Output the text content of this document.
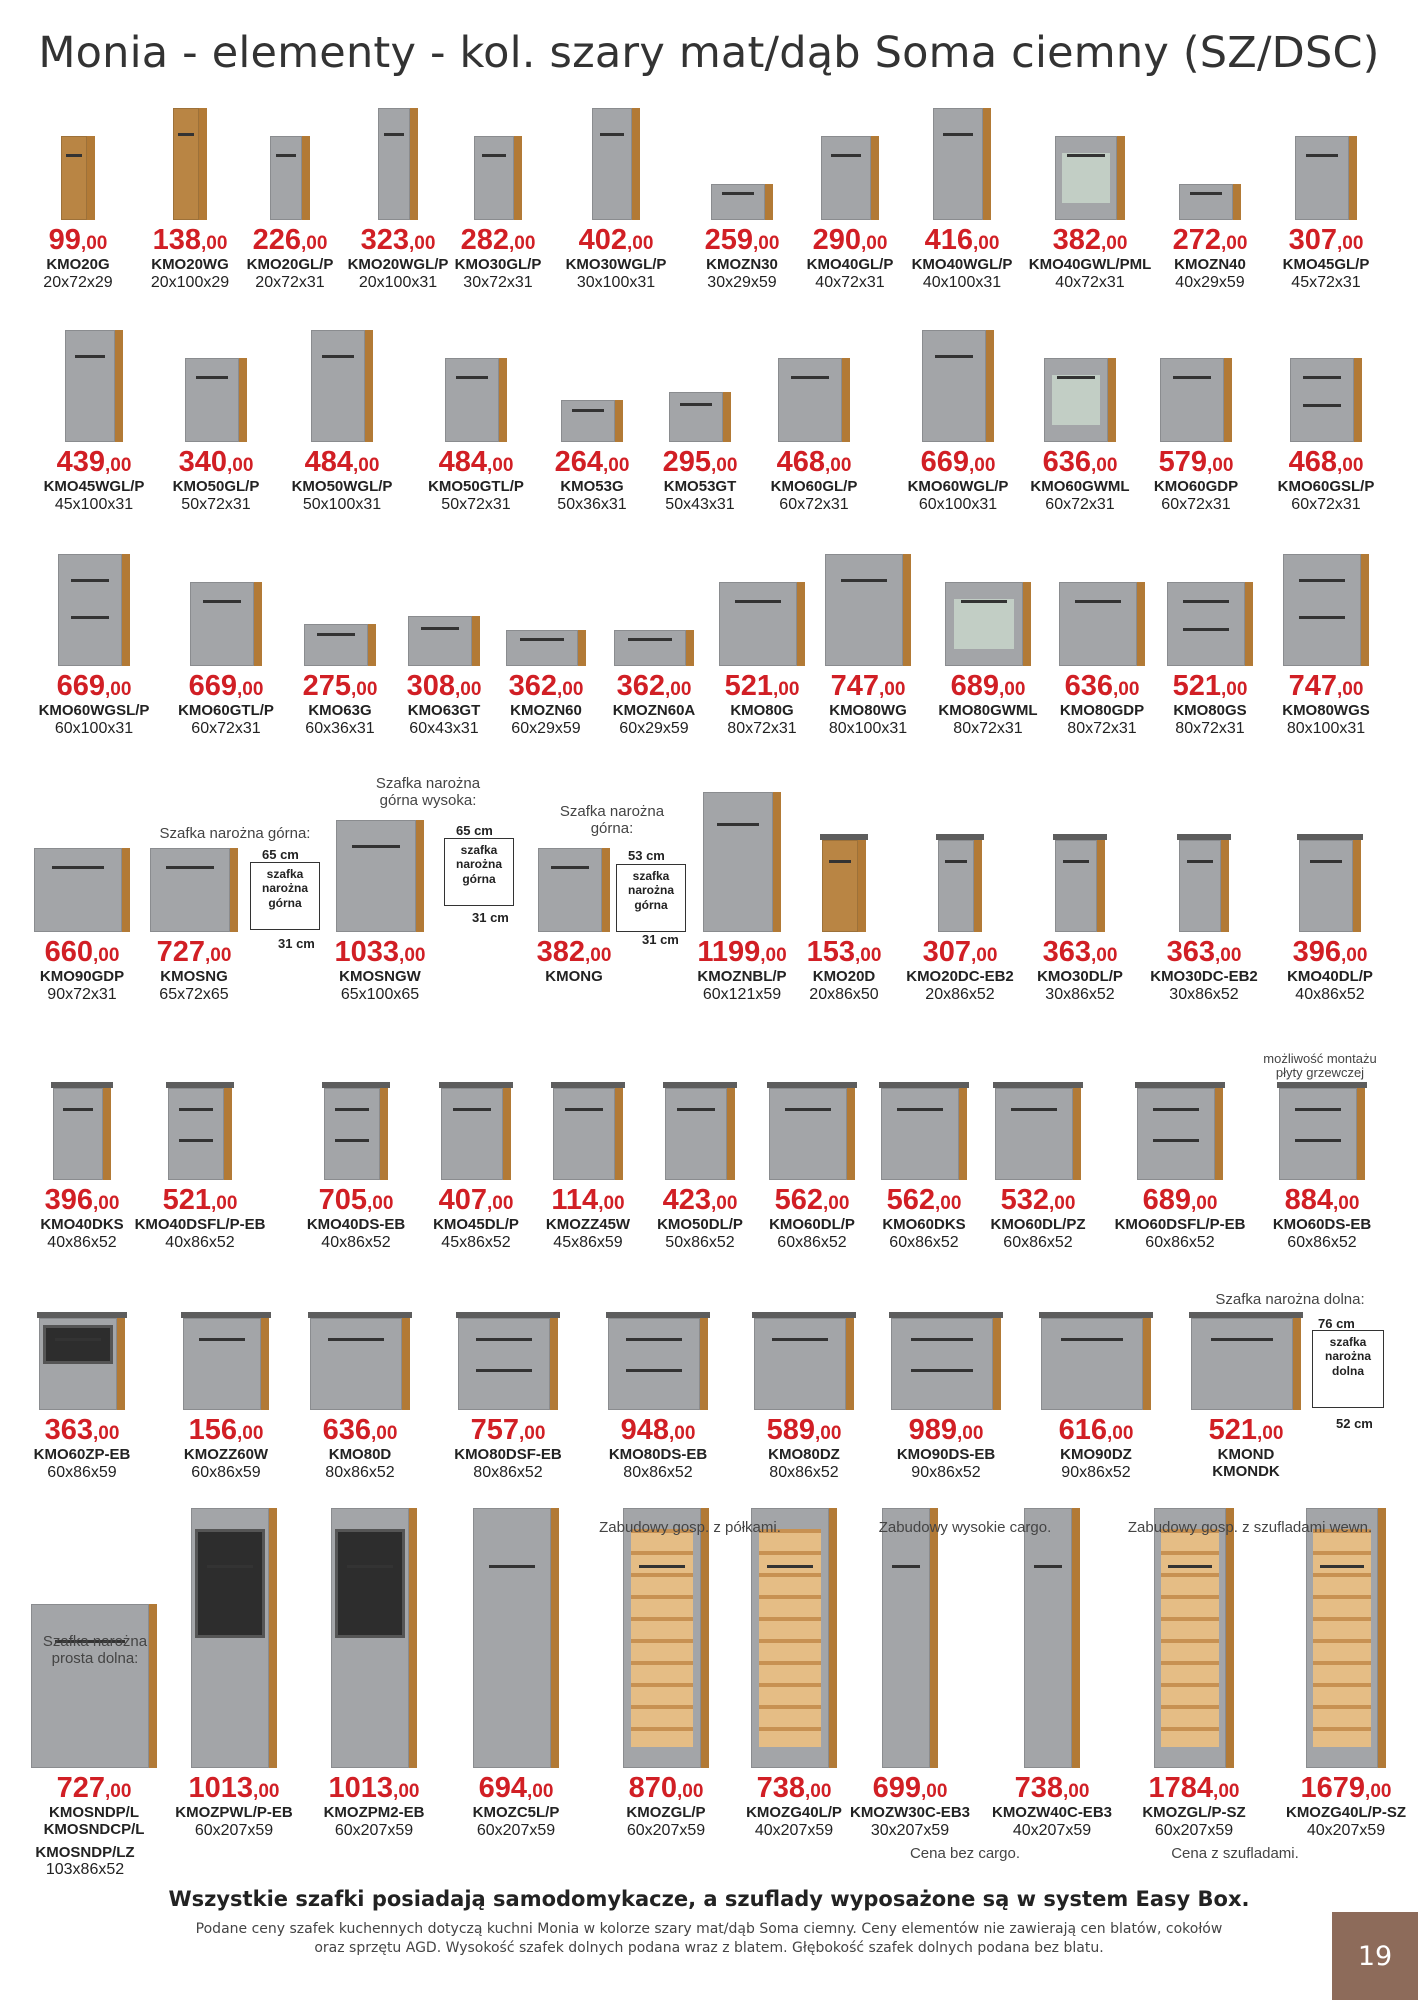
Monia - elementy - kol. szary mat/dąb Soma ciemny (SZ/DSC)
99,00
KMO20G
20x72x29
138,00
KMO20WG
20x100x29
226,00
KMO20GL/P
20x72x31
323,00
KMO20WGL/P
20x100x31
282,00
KMO30GL/P
30x72x31
402,00
KMO30WGL/P
30x100x31
259,00
KMOZN30
30x29x59
290,00
KMO40GL/P
40x72x31
416,00
KMO40WGL/P
40x100x31
382,00
KMO40GWL/PML
40x72x31
272,00
KMOZN40
40x29x59
307,00
KMO45GL/P
45x72x31
439,00
KMO45WGL/P
45x100x31
340,00
KMO50GL/P
50x72x31
484,00
KMO50WGL/P
50x100x31
484,00
KMO50GTL/P
50x72x31
264,00
KMO53G
50x36x31
295,00
KMO53GT
50x43x31
468,00
KMO60GL/P
60x72x31
669,00
KMO60WGL/P
60x100x31
636,00
KMO60GWML
60x72x31
579,00
KMO60GDP
60x72x31
468,00
KMO60GSL/P
60x72x31
669,00
KMO60WGSL/P
60x100x31
669,00
KMO60GTL/P
60x72x31
275,00
KMO63G
60x36x31
308,00
KMO63GT
60x43x31
362,00
KMOZN60
60x29x59
362,00
KMOZN60A
60x29x59
521,00
KMO80G
80x72x31
747,00
KMO80WG
80x100x31
689,00
KMO80GWML
80x72x31
636,00
KMO80GDP
80x72x31
521,00
KMO80GS
80x72x31
747,00
KMO80WGS
80x100x31
660,00
KMO90GDP
90x72x31
727,00
KMOSNG
65x72x65
1033,00
KMOSNGW
65x100x65
382,00
KMONG
1199,00
KMOZNBL/P
60x121x59
153,00
KMO20D
20x86x50
307,00
KMO20DC-EB2
20x86x52
363,00
KMO30DL/P
30x86x52
363,00
KMO30DC-EB2
30x86x52
396,00
KMO40DL/P
40x86x52
396,00
KMO40DKS
40x86x52
521,00
KMO40DSFL/P-EB
40x86x52
705,00
KMO40DS-EB
40x86x52
407,00
KMO45DL/P
45x86x52
114,00
KMOZZ45W
45x86x59
423,00
KMO50DL/P
50x86x52
562,00
KMO60DL/P
60x86x52
562,00
KMO60DKS
60x86x52
532,00
KMO60DL/PZ
60x86x52
689,00
KMO60DSFL/P-EB
60x86x52
884,00
KMO60DS-EB
60x86x52
363,00
KMO60ZP-EB
60x86x59
156,00
KMOZZ60W
60x86x59
636,00
KMO80D
80x86x52
757,00
KMO80DSF-EB
80x86x52
948,00
KMO80DS-EB
80x86x52
589,00
KMO80DZ
80x86x52
989,00
KMO90DS-EB
90x86x52
616,00
KMO90DZ
90x86x52
521,00
KMOND
KMONDK
727,00
KMOSNDP/L
KMOSNDCP/L
1013,00
KMOZPWL/P-EB
60x207x59
1013,00
KMOZPM2-EB
60x207x59
694,00
KMOZC5L/P
60x207x59
870,00
KMOZGL/P
60x207x59
738,00
KMOZG40L/P
40x207x59
699,00
KMOZW30C-EB3
30x207x59
738,00
KMOZW40C-EB3
40x207x59
1784,00
KMOZGL/P-SZ
60x207x59
1679,00
KMOZG40L/P-SZ
40x207x59
Szafka narożna górna:
Szafka narożna górna wysoka:
Szafka narożna górna:
szafka narożna górna
65 cm
31 cm
szafka narożna górna
65 cm
31 cm
szafka narożna górna
53 cm
31 cm
możliwość montażu płyty grzewczej
Szafka narożna dolna:
szafka narożna dolna
76 cm
52 cm
Szafka narożna prosta dolna:
Zabudowy gosp. z półkami.	Zabudowy wysokie cargo.	Zabudowy gosp. z szufladami wewn.
Cena bez cargo.	Cena z szufladami.
KMOSNDP/LZ
103x86x52
Wszystkie szafki posiadają samodomykacze, a szuflady wyposażone są w system Easy Box.
Podane ceny szafek kuchennych dotyczą kuchni Monia w kolorze szary mat/dąb Soma ciemny. Ceny elementów nie zawierają cen blatów, cokołów
oraz sprzętu AGD. Wysokość szafek dolnych podana wraz z blatem. Głębokość szafek dolnych podana bez blatu.	19
